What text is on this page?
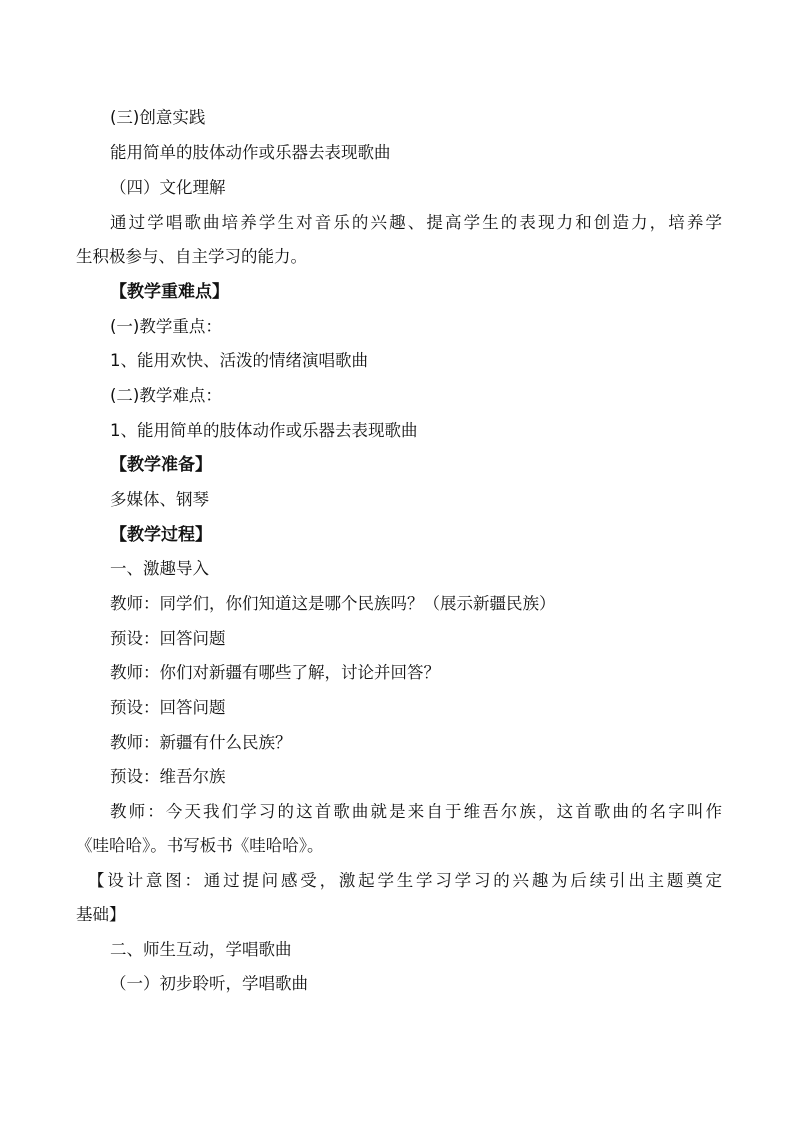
(三)创意实践
能用简单的肢体动作或乐器去表现歌曲
（四）文化理解
通过学唱歌曲培养学生对音乐的兴趣、提高学生的表现力和创造力，培养学
生积极参与、自主学习的能力。
【教学重难点】
(一)教学重点：
1、能用欢快、活泼的情绪演唱歌曲
(二)教学难点：
1、能用简单的肢体动作或乐器去表现歌曲
【教学准备】
多媒体、钢琴
【教学过程】
一、激趣导入
教师：同学们，你们知道这是哪个民族吗？（展示新疆民族）
预设：回答问题
教师：你们对新疆有哪些了解，讨论并回答？
预设：回答问题
教师：新疆有什么民族？
预设：维吾尔族
教师：今天我们学习的这首歌曲就是来自于维吾尔族，这首歌曲的名字叫作
《哇哈哈》。书写板书《哇哈哈》。
【设计意图：通过提问感受，激起学生学习学习的兴趣为后续引出主题奠定
基础】
二、师生互动，学唱歌曲
（一）初步聆听，学唱歌曲
